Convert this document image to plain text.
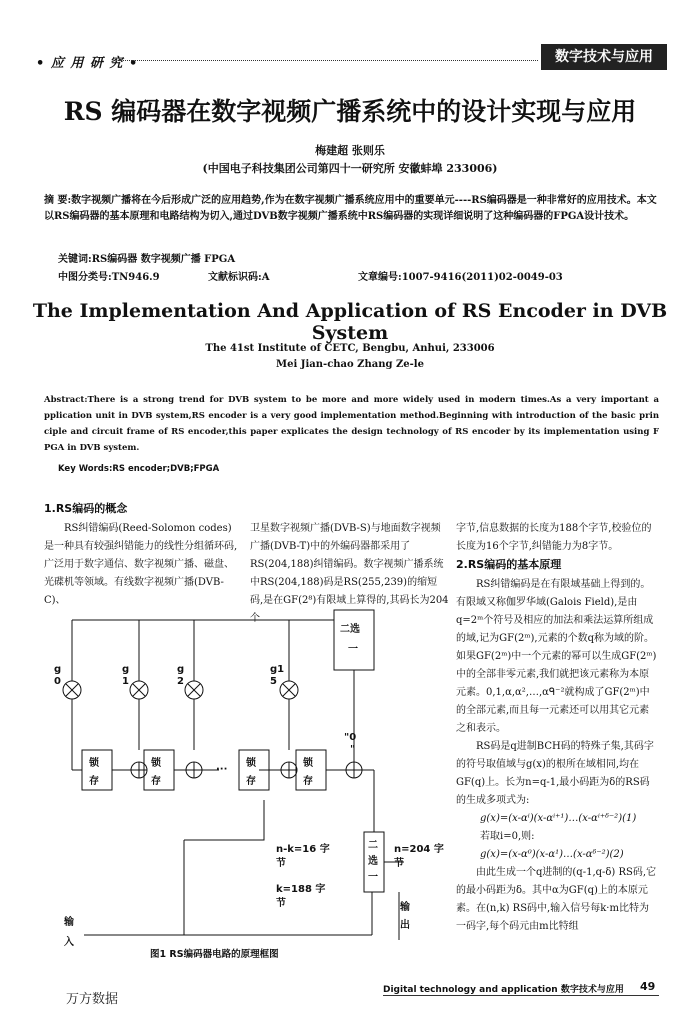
• 应 用 研 究 •	数字技术与应用
RS 编码器在数字视频广播系统中的设计实现与应用
梅建超 张则乐
(中国电子科技集团公司第四十一研究所 安徽蚌埠 233006)
摘 要:数字视频广播将在今后形成广泛的应用趋势,作为在数字视频广播系统应用中的重要单元----RS编码器是一种非常好的应用技术。本文以RS编码器的基本原理和电路结构为切入,通过DVB数字视频广播系统中RS编码器的实现详细说明了这种编码器的FPGA设计技术。
关键词:RS编码器 数字视频广播 FPGA
中图分类号:TN946.9	文献标识码:A	文章编号:1007-9416(2011)02-0049-03
The Implementation And Application of RS Encoder in DVB System
The 41st Institute of CETC, Bengbu, Anhui, 233006
Mei Jian-chao Zhang Ze-le
Abstract:There is a strong trend for DVB system to be more and more widely used in modern times.As a very important a pplication unit in DVB system,RS encoder is a very good implementation method.Beginning with introduction of the basic prin ciple and circuit frame of RS encoder,this paper explicates the design technology of RS encoder by its implementation using F PGA in DVB system.
Key Words:RS encoder;DVB;FPGA
1.RS编码的概念

RS纠错编码(Reed-Solomon codes)是一种具有较强纠错能力的线性分组循环码,广泛用于数字通信、数字视频广播、磁盘、光碟机等领域。有线数字视频广播(DVB-C)、

卫星数字视频广播(DVB-S)与地面数字视频广播(DVB-T)中的外编码器都采用了RS(204,188)纠错编码。数字视频广播系统中RS(204,188)码是RS(255,239)的缩短码,是在GF(2⁸)有限域上算得的,其码长为204个

字节,信息数据的长度为188个字节,校验位的长度为16个字节,纠错能力为8字节。

2.RS编码的基本原理

RS纠错编码是在有限域基础上得到的。有限域又称伽罗华域(Galois Field),是由q=2ᵐ个符号及相应的加法和乘法运算所组成的域,记为GF(2ᵐ),元素的个数q称为域的阶。如果GF(2ᵐ)中一个元素的幂可以生成GF(2ᵐ)中的全部非零元素,我们就把该元素称为本原元素。0,1,α,α²,…,αᑫ⁻²就构成了GF(2ᵐ)中的全部元素,而且每一元素还可以用其它元素之和表示。

RS码是q进制BCH码的特殊子集,其码字的符号取值域与g(x)的根所在域相同,均在GF(q)上。长为n=q-1,最小码距为δ的RS码的生成多项式为:

g(x)=(x-αⁱ)(x-αⁱ⁺¹)…(x-αⁱ⁺ᵟ⁻²)(1)

若取i=0,则:

g(x)=(x-α⁰)(x-α¹)…(x-αᵟ⁻²)(2)

由此生成一个q进制的(q-1,q-δ) RS码,它的最小码距为δ。其中α为GF(q)上的本原元素。在(n,k) RS码中,输入信号每k·m比特为一码字,每个码元由m比特组

g
0
g
1
g
2
g1
5
锁
存
锁
存
锁
存
锁
存
···
二选
一
"0
"
二
选
一
n-k=16 字
节
k=188 字
节
n=204 字
节
输
入
输
出
图1 RS编码器电路的原理框图
Digital technology and application 数字技术与应用 49
万方数据
